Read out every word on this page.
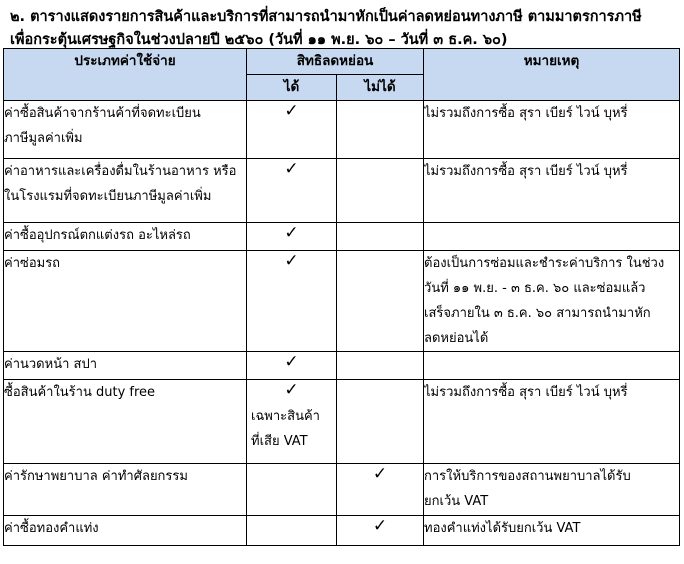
๒. ตารางแสดงรายการสินค้าและบริการที่สามารถนำมาหักเป็นค่าลดหย่อนทางภาษี ตามมาตรการภาษี
เพื่อกระตุ้นเศรษฐกิจในช่วงปลายปี ๒๕๖๐ (วันที่ ๑๑ พ.ย. ๖๐ – วันที่ ๓ ธ.ค. ๖๐)
ประเภทค่าใช้จ่าย	สิทธิลดหย่อน		หมายเหตุ
	ได้	ไม่ได้	

ค่าซื้อสินค้าจากร้านค้าที่จดทะเบียน
ภาษีมูลค่าเพิ่ม	✓		ไม่รวมถึงการซื้อ สุรา เบียร์ ไวน์ บุหรี่

ค่าอาหารและเครื่องดื่มในร้านอาหาร หรือ
ในโรงแรมที่จดทะเบียนภาษีมูลค่าเพิ่ม	✓		ไม่รวมถึงการซื้อ สุรา เบียร์ ไวน์ บุหรี่

ค่าซื้ออุปกรณ์ตกแต่งรถ อะไหล่รถ	✓		

ค่าซ่อมรถ	✓		ต้องเป็นการซ่อมและชำระค่าบริการ ในช่วง
วันที่ ๑๑ พ.ย. - ๓ ธ.ค. ๖๐ และซ่อมแล้ว
เสร็จภายใน ๓ ธ.ค. ๖๐ สามารถนำมาหัก
ลดหย่อนได้

ค่านวดหน้า สปา	✓		

ซื้อสินค้าในร้าน duty free	✓
เฉพาะสินค้า
ที่เสีย VAT		ไม่รวมถึงการซื้อ สุรา เบียร์ ไวน์ บุหรี่

ค่ารักษาพยาบาล ค่าทำศัลยกรรม		✓	การให้บริการของสถานพยาบาลได้รับ
ยกเว้น VAT

ค่าซื้อทองคำแท่ง		✓	ทองคำแท่งได้รับยกเว้น VAT
